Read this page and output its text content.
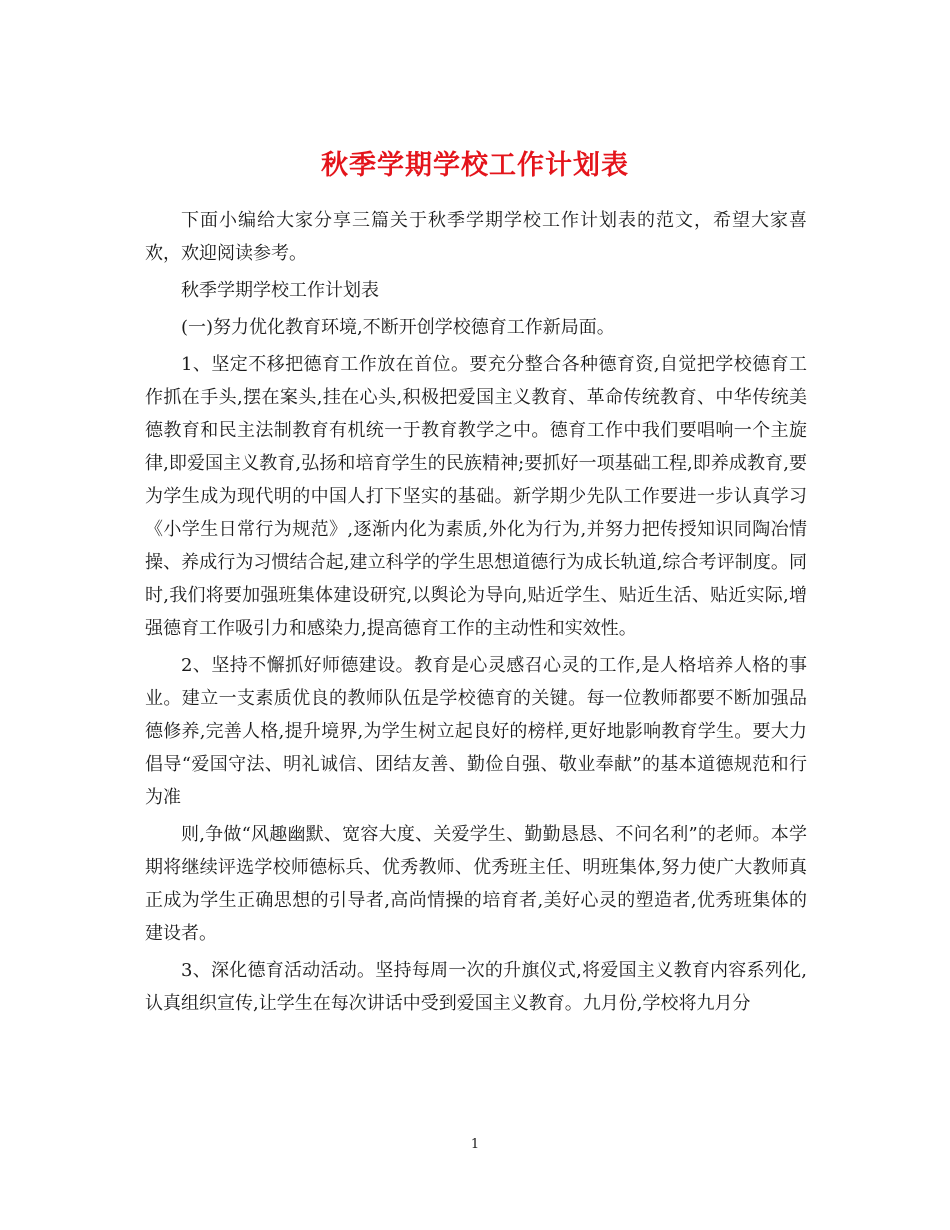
秋季学期学校工作计划表

下面小编给大家分享三篇关于秋季学期学校工作计划表的范文，希望大家喜欢，欢迎阅读参考。

秋季学期学校工作计划表

(一)努力优化教育环境,不断开创学校德育工作新局面。

1、坚定不移把德育工作放在首位。要充分整合各种德育资,自觉把学校德育工作抓在手头,摆在案头,挂在心头,积极把爱国主义教育、革命传统教育、中华传统美德教育和民主法制教育有机统一于教育教学之中。德育工作中我们要唱响一个主旋律,即爱国主义教育,弘扬和培育学生的民族精神;要抓好一项基础工程,即养成教育,要为学生成为现代明的中国人打下坚实的基础。新学期少先队工作要进一步认真学习《小学生日常行为规范》,逐渐内化为素质,外化为行为,并努力把传授知识同陶冶情操、养成行为习惯结合起,建立科学的学生思想道德行为成长轨道,综合考评制度。同时,我们将要加强班集体建设研究,以舆论为导向,贴近学生、贴近生活、贴近实际,增强德育工作吸引力和感染力,提高德育工作的主动性和实效性。

2、坚持不懈抓好师德建设。教育是心灵感召心灵的工作,是人格培养人格的事业。建立一支素质优良的教师队伍是学校德育的关键。每一位教师都要不断加强品德修养,完善人格,提升境界,为学生树立起良好的榜样,更好地影响教育学生。要大力倡导“爱国守法、明礼诚信、团结友善、勤俭自强、敬业奉献”的基本道德规范和行为准

则,争做“风趣幽默、宽容大度、关爱学生、勤勤恳恳、不问名利”的老师。本学期将继续评选学校师德标兵、优秀教师、优秀班主任、明班集体,努力使广大教师真正成为学生正确思想的引导者,高尚情操的培育者,美好心灵的塑造者,优秀班集体的建设者。

3、深化德育活动活动。坚持每周一次的升旗仪式,将爱国主义教育内容系列化,认真组织宣传,让学生在每次讲话中受到爱国主义教育。九月份,学校将九月分

1
